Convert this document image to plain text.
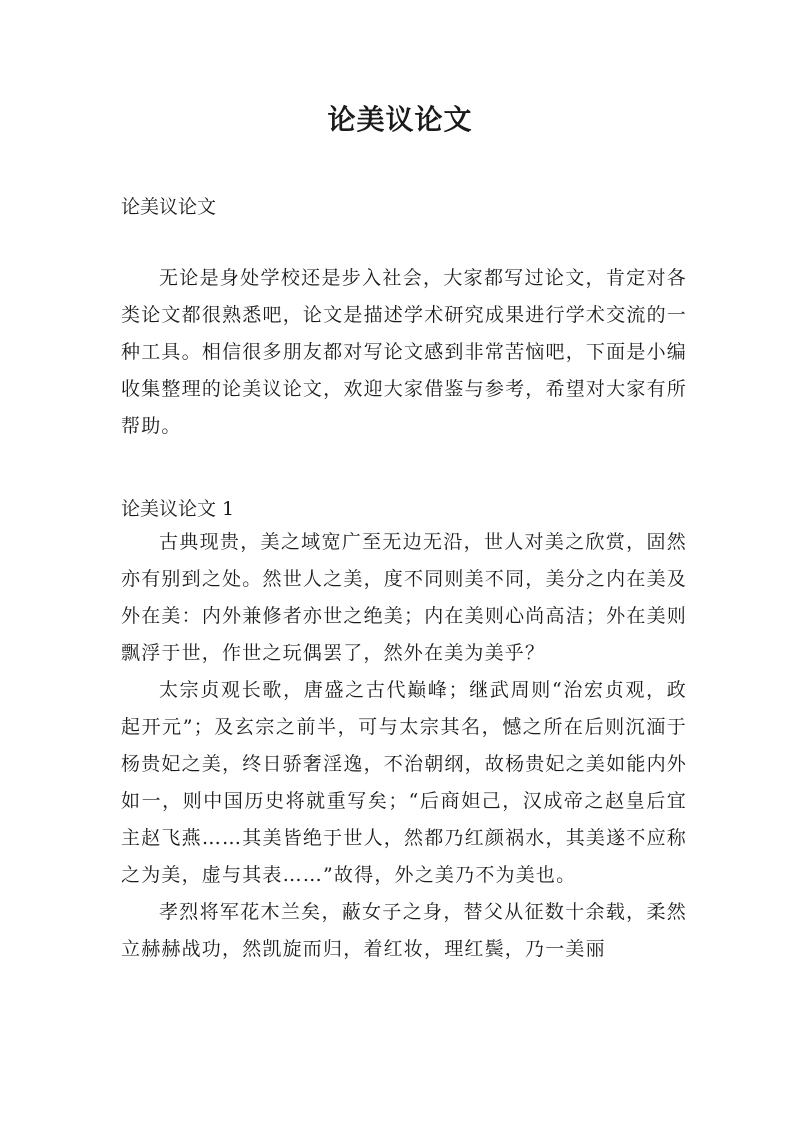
论美议论文
论美议论文

无论是身处学校还是步入社会，大家都写过论文，肯定对各类论文都很熟悉吧，论文是描述学术研究成果进行学术交流的一种工具。相信很多朋友都对写论文感到非常苦恼吧，下面是小编收集整理的论美议论文，欢迎大家借鉴与参考，希望对大家有所帮助。

论美议论文 1

古典现贵，美之域宽广至无边无沿，世人对美之欣赏，固然亦有别到之处。然世人之美，度不同则美不同，美分之内在美及外在美：内外兼修者亦世之绝美；内在美则心尚高洁；外在美则飘浮于世，作世之玩偶罢了，然外在美为美乎？

太宗贞观长歌，唐盛之古代巅峰；继武周则“治宏贞观，政起开元”；及玄宗之前半，可与太宗其名，憾之所在后则沉湎于杨贵妃之美，终日骄奢淫逸，不治朝纲，故杨贵妃之美如能内外如一，则中国历史将就重写矣；“后商妲己，汉成帝之赵皇后宜主赵飞燕……其美皆绝于世人，然都乃红颜祸水，其美遂不应称之为美，虚与其表……”故得，外之美乃不为美也。

孝烈将军花木兰矣，蔽女子之身，替父从征数十余载，柔然立赫赫战功，然凯旋而归，着红妆，理红鬓，乃一美丽
